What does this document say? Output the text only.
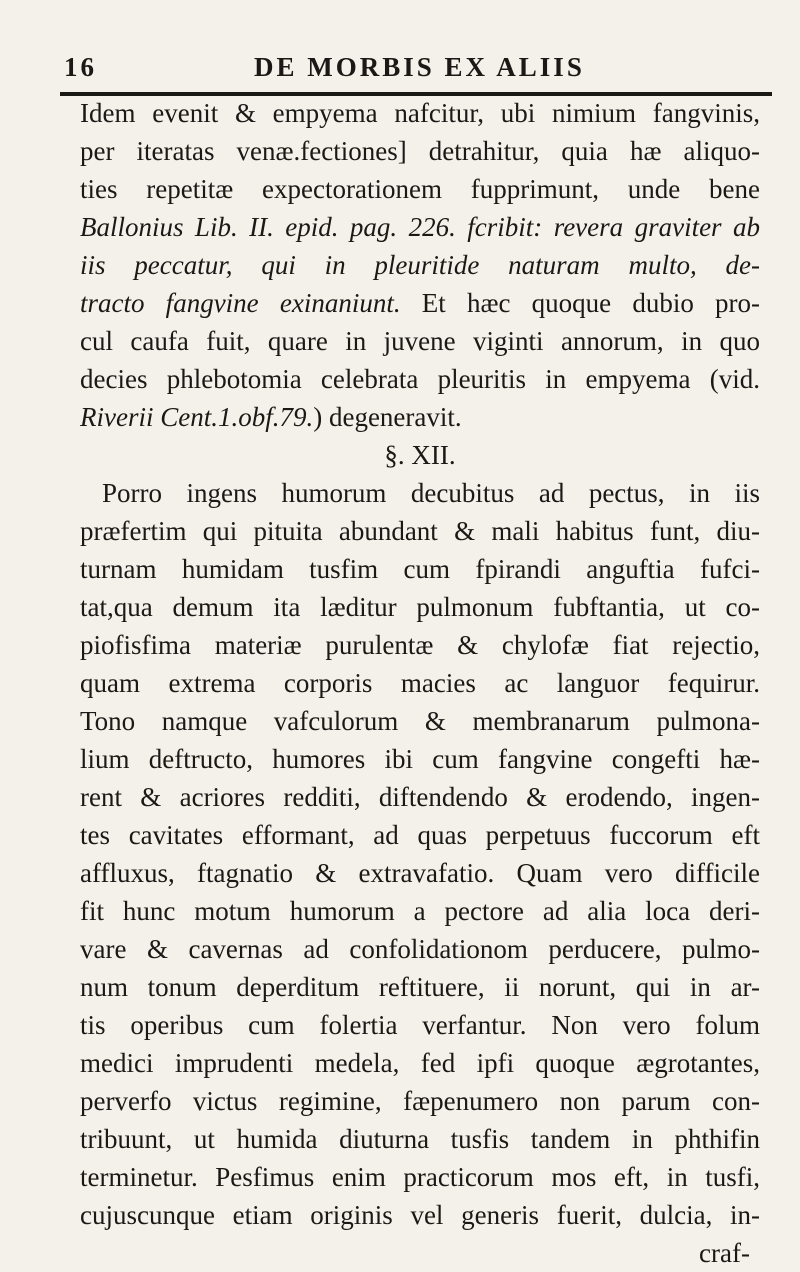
16	DE MORBIS EX ALIIS
Idem evenit & empyema nafcitur, ubi nimium fangvinis,
per iteratas venæ.fectiones] detrahitur, quia hæ aliquo-
ties repetitæ expectorationem fupprimunt, unde bene
Ballonius Lib. II. epid. pag. 226. fcribit: revera graviter ab
iis peccatur, qui in pleuritide naturam multo, de-
tracto fangvine exinaniunt. Et hæc quoque dubio pro-
cul caufa fuit, quare in juvene viginti annorum, in quo
decies phlebotomia celebrata pleuritis in empyema (vid.
Riverii Cent.1.obf.79.) degeneravit.
§. XII.
Porro ingens humorum decubitus ad pectus, in iis
præfertim qui pituita abundant & mali habitus funt, diu-
turnam humidam tusfim cum fpirandi anguftia fufci-
tat,qua demum ita læditur pulmonum fubftantia, ut co-
piofisfima materiæ purulentæ & chylofæ fiat rejectio,
quam extrema corporis macies ac languor fequirur.
Tono namque vafculorum & membranarum pulmona-
lium deftructo, humores ibi cum fangvine congefti hæ-
rent & acriores redditi, diftendendo & erodendo, ingen-
tes cavitates efformant, ad quas perpetuus fuccorum eft
affluxus, ftagnatio & extravafatio. Quam vero difficile
fit hunc motum humorum a pectore ad alia loca deri-
vare & cavernas ad confolidationom perducere, pulmo-
num tonum deperditum reftituere, ii norunt, qui in ar-
tis operibus cum folertia verfantur. Non vero folum
medici imprudenti medela, fed ipfi quoque ægrotantes,
perverfo victus regimine, fæpenumero non parum con-
tribuunt, ut humida diuturna tusfis tandem in phthifin
terminetur. Pesfimus enim practicorum mos eft, in tusfi,
cujuscunque etiam originis vel generis fuerit, dulcia, in-
craf-
